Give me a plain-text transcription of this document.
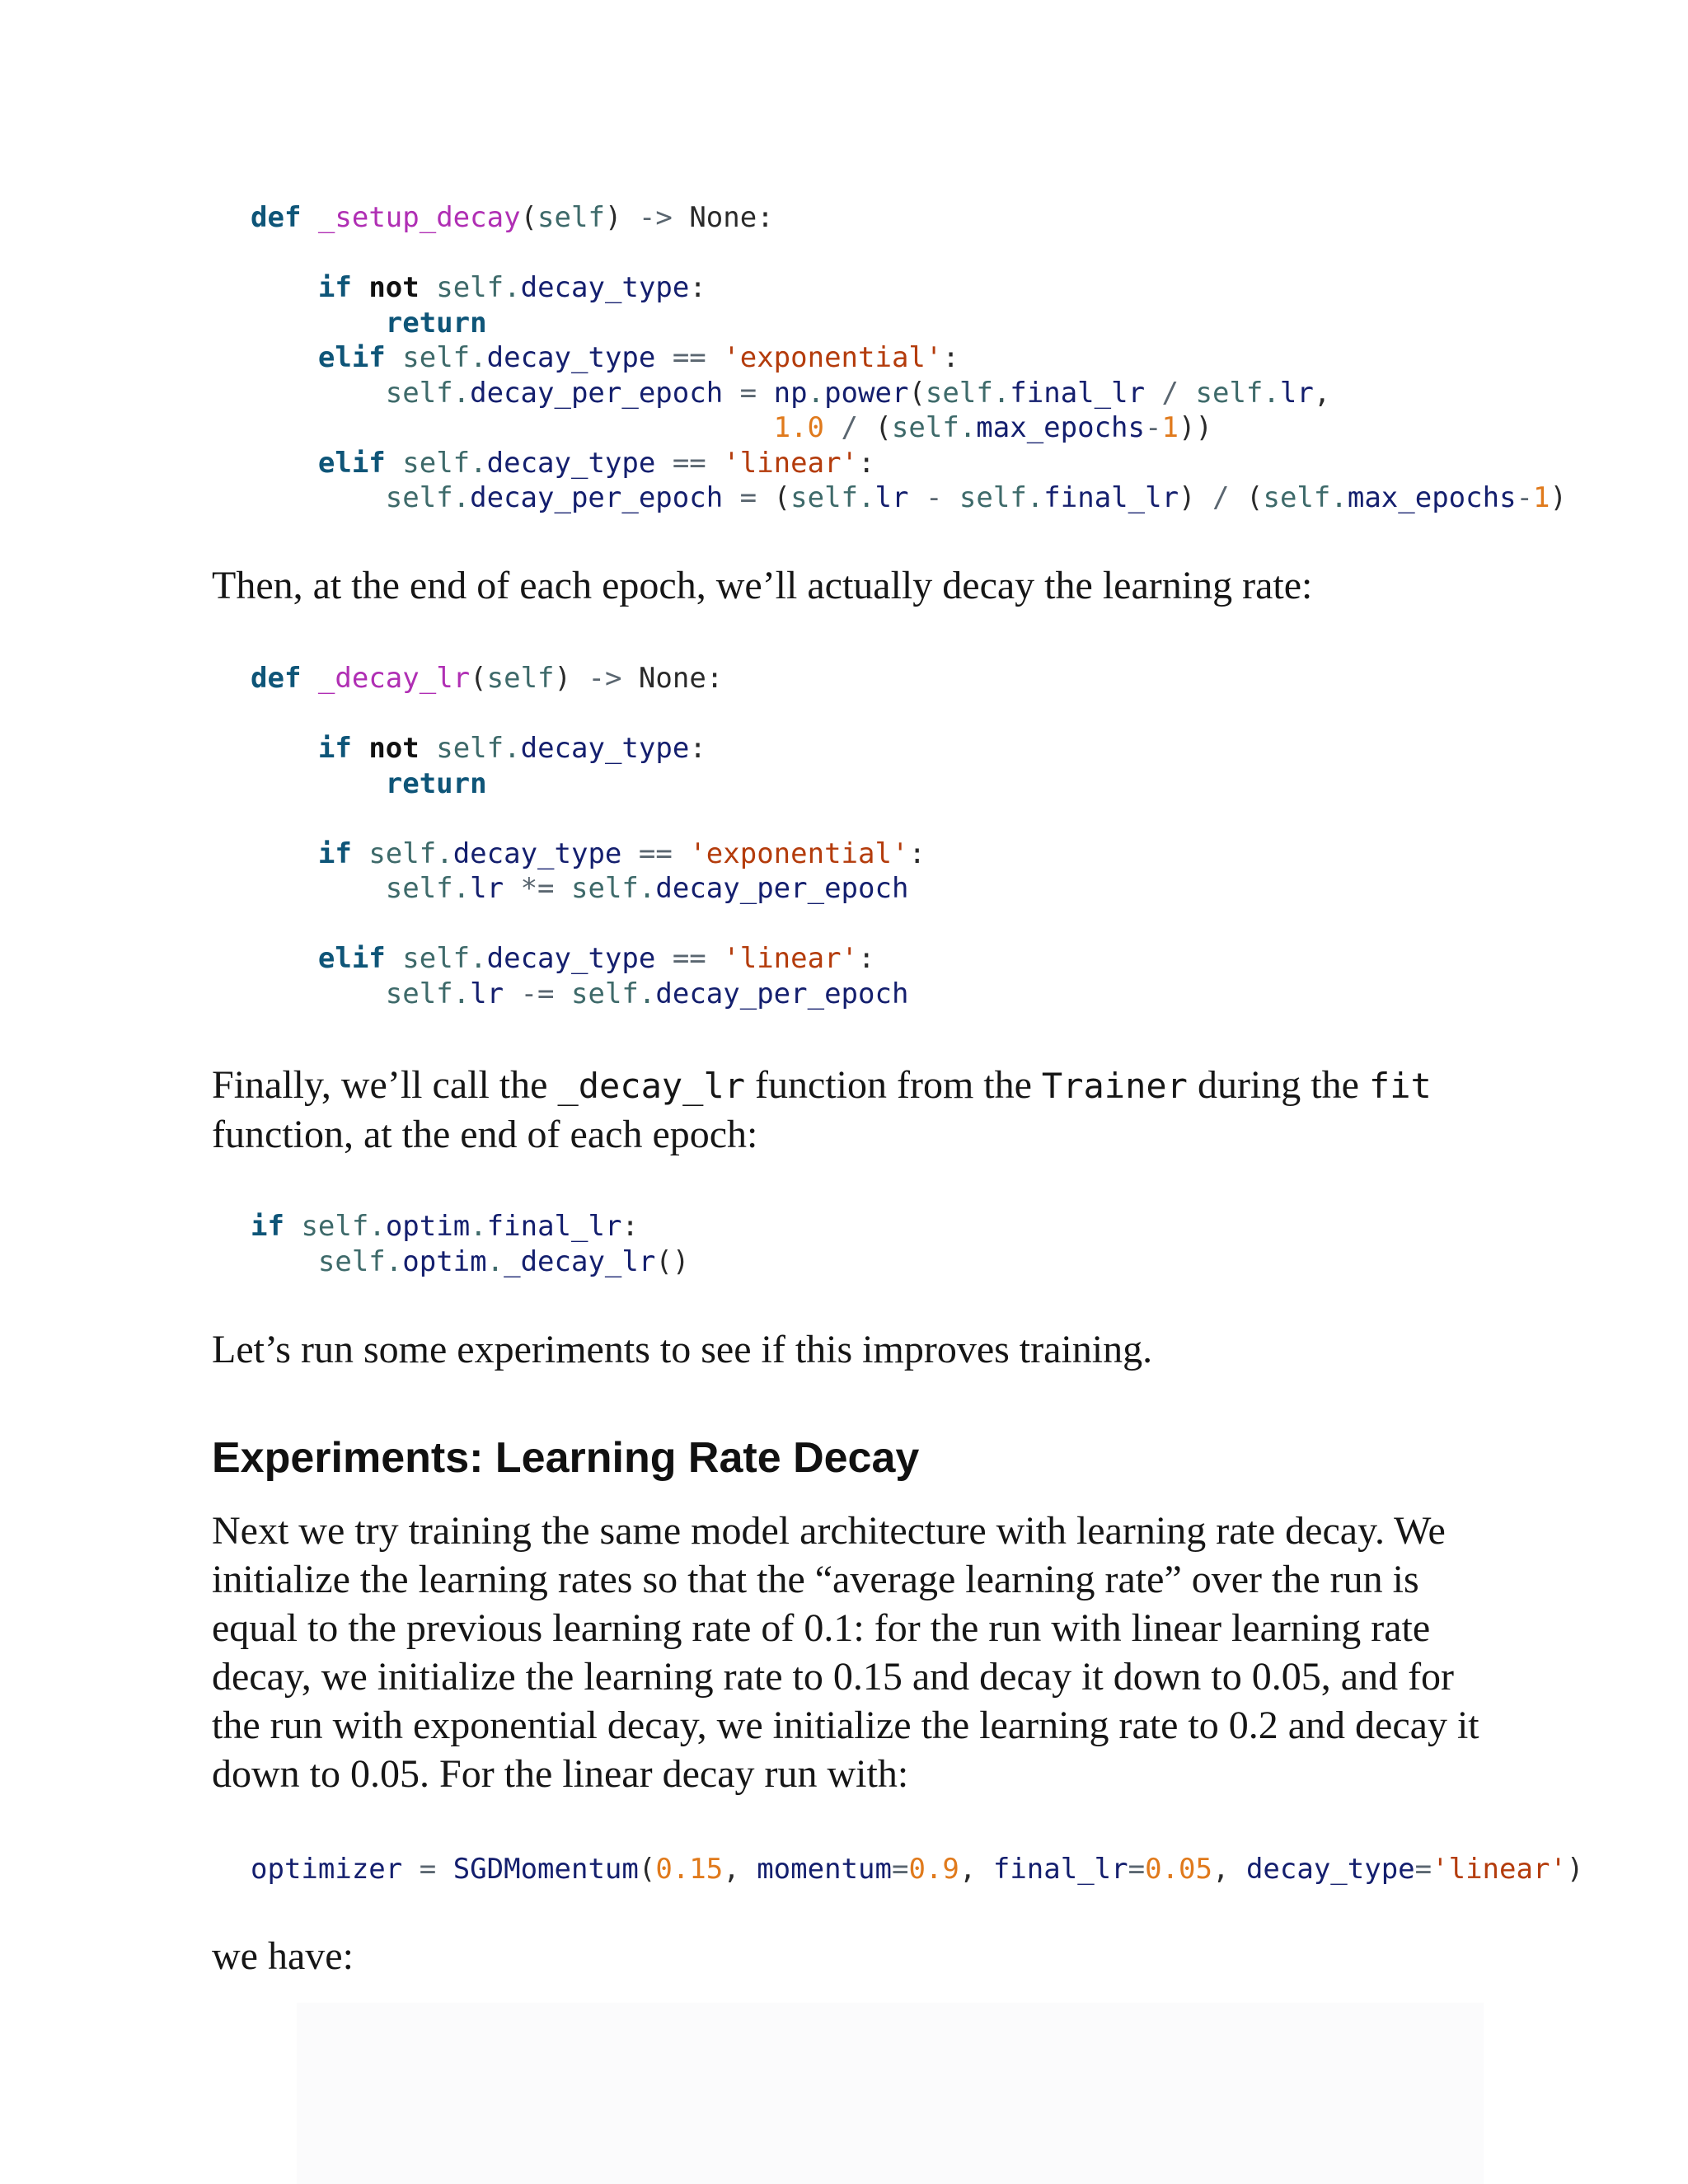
def _setup_decay(self) -> None:

if not self.decay_type:
return
elif self.decay_type == 'exponential':
self.decay_per_epoch = np.power(self.final_lr / self.lr,
1.0 / (self.max_epochs-1))
elif self.decay_type == 'linear':
self.decay_per_epoch = (self.lr - self.final_lr) / (self.max_epochs-1)

Then, at the end of each epoch, we’ll actually decay the learning rate:

def _decay_lr(self) -> None:

if not self.decay_type:
return

if self.decay_type == 'exponential':
self.lr *= self.decay_per_epoch

elif self.decay_type == 'linear':
self.lr -= self.decay_per_epoch

Finally, we’ll call the _decay_lr function from the Trainer during the fit function, at the end of each epoch:

if self.optim.final_lr:
self.optim._decay_lr()

Let’s run some experiments to see if this improves training.

Experiments: Learning Rate Decay

Next we try training the same model architecture with learning rate decay. We initialize the learning rates so that the “average learning rate” over the run is equal to the previous learning rate of 0.1: for the run with linear learning rate decay, we initialize the learning rate to 0.15 and decay it down to 0.05, and for the run with exponential decay, we initialize the learning rate to 0.2 and decay it down to 0.05. For the linear decay run with:

optimizer = SGDMomentum(0.15, momentum=0.9, final_lr=0.05, decay_type='linear')

we have:
